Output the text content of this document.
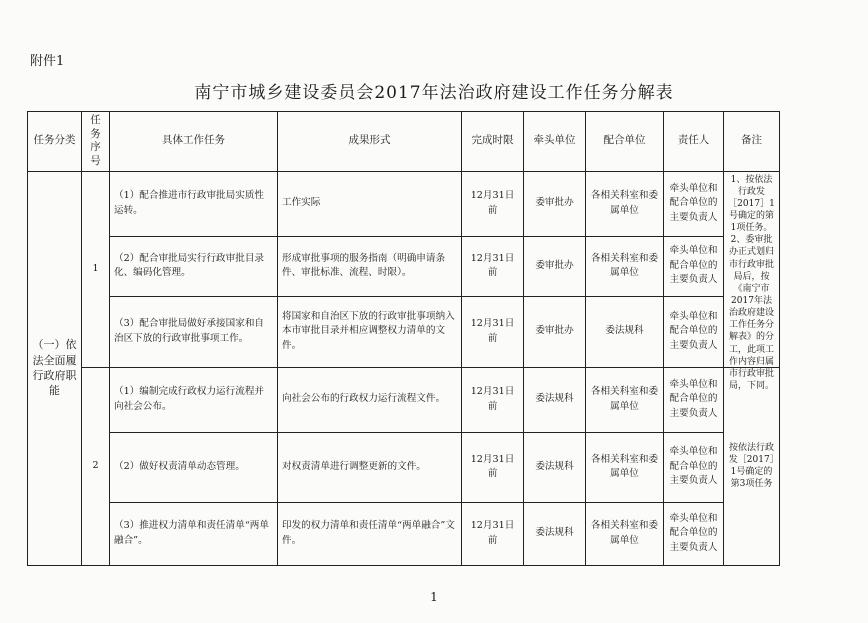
附件1
南宁市城乡建设委员会2017年法治政府建设工作任务分解表
任务分类	任务序号	具体工作任务	成果形式	完成时限	牵头单位	配合单位	责任人	备注
（一）依法全面履行政府职能	1	（1）配合推进市行政审批局实质性运转。	工作实际	12月31日前	委审批办	各相关科室和委属单位	牵头单位和配合单位的主要负责人	1、按依法行政发［2017］1号确定的第1项任务。2、委审批办正式划归市行政审批局后，按《南宁市2017年法治政府建设工作任务分解表》的分工，此项工作内容归属市行政审批局，下同。

		（2）配合审批局实行行政审批目录化、编码化管理。	形成审批事项的服务指南（明确申请条件、审批标准、流程、时限）。	12月31日前	委审批办	各相关科室和委属单位	牵头单位和配合单位的主要负责人	
		（3）配合审批局做好承接国家和自治区下放的行政审批事项工作。	将国家和自治区下放的行政审批事项纳入本市审批目录并相应调整权力清单的文件。	12月31日前	委审批办	委法规科	牵头单位和配合单位的主要负责人	
	2	（1）编制完成行政权力运行流程并向社会公布。	向社会公布的行政权力运行流程文件。	12月31日前	委法规科	各相关科室和委属单位	牵头单位和配合单位的主要负责人	按依法行政发［2017］1号确定的第3项任务
		（2）做好权责清单动态管理。	对权责清单进行调整更新的文件。	12月31日前	委法规科	各相关科室和委属单位	牵头单位和配合单位的主要负责人	
		（3）推进权力清单和责任清单“两单融合”。	印发的权力清单和责任清单“两单融合”文件。	12月31日前	委法规科	各相关科室和委属单位	牵头单位和配合单位的主要负责人	
1
